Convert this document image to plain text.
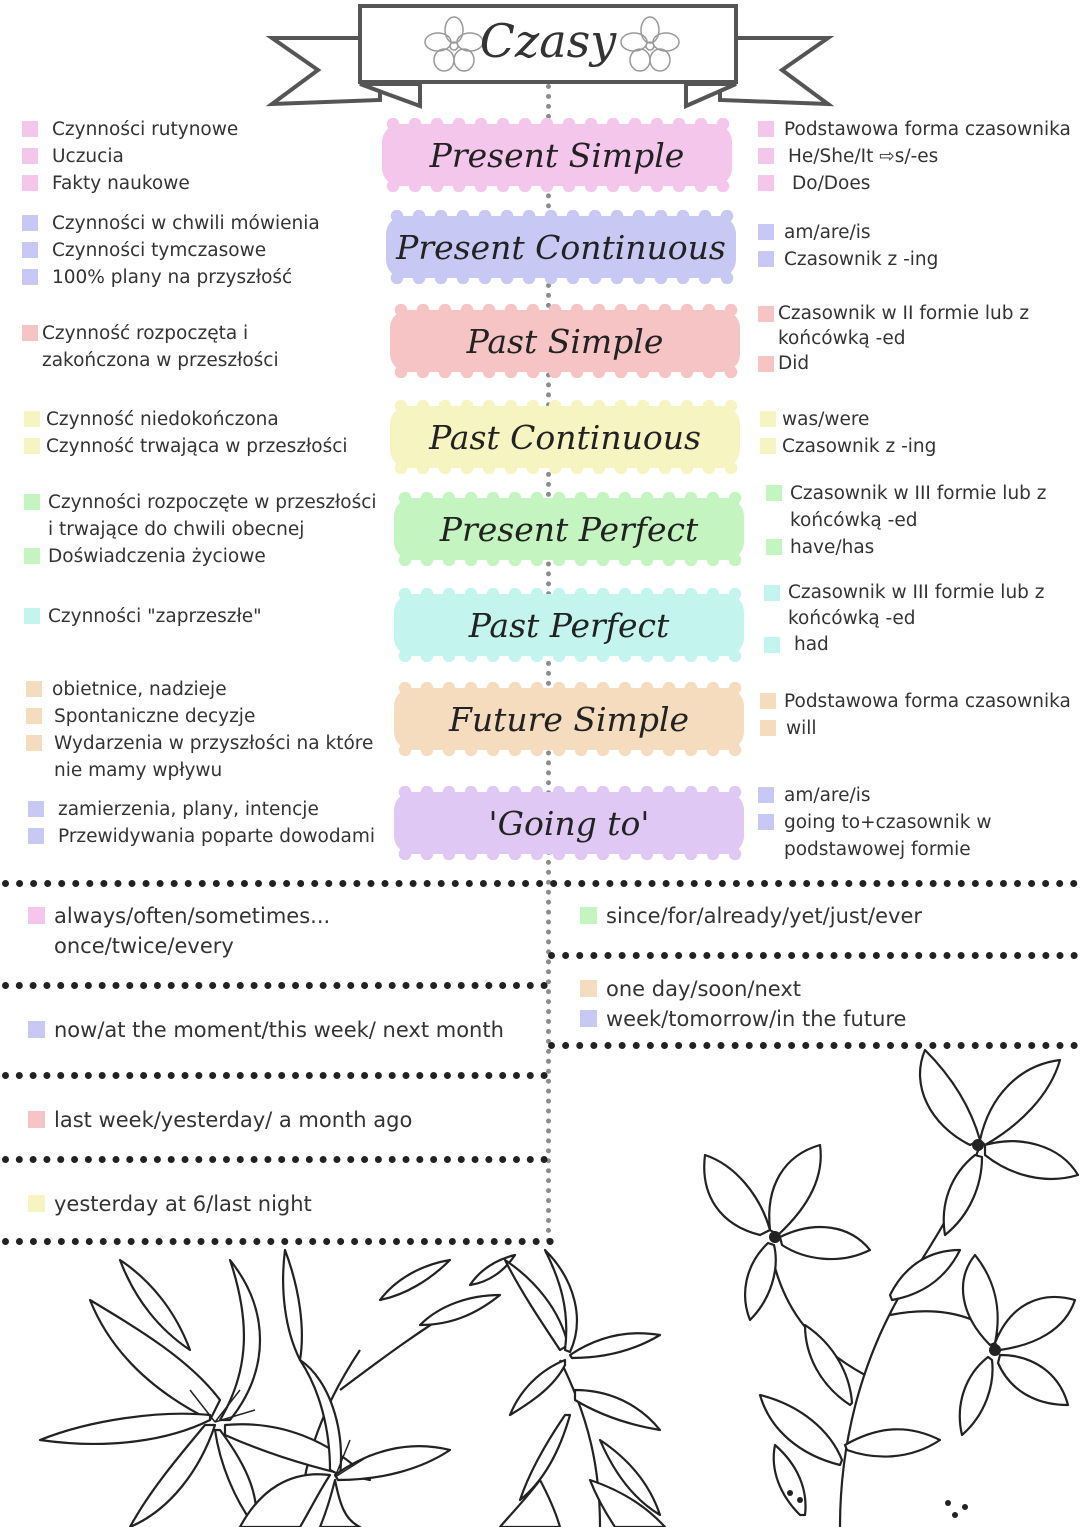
Czasy
Present Simple
Present Continuous
Past Simple
Past Continuous
Present Perfect
Past Perfect
Future Simple
'Going to'
Czynności rutynowe
Uczucia
Fakty naukowe
Czynności w chwili mówienia
Czynności tymczasowe
100% plany na przyszłość
Czynność rozpoczęta i
zakończona w przeszłości
Czynność niedokończona
Czynność trwająca w przeszłości
Czynności rozpoczęte w przeszłości
i trwające do chwili obecnej
Doświadczenia życiowe
Czynności "zaprzeszłe"
obietnice, nadzieje
Spontaniczne decyzje
Wydarzenia w przyszłości na które
nie mamy wpływu
zamierzenia, plany, intencje
Przewidywania poparte dowodami
Podstawowa forma czasownika
He/She/It ⇨s/-es
Do/Does
am/are/is
Czasownik z -ing
Czasownik w II formie lub z
końcówką -ed
Did
was/were
Czasownik z -ing
Czasownik w III formie lub z
końcówką -ed
have/has
Czasownik w III formie lub z
końcówką -ed
had
Podstawowa forma czasownika
will
am/are/is
going to+czasownik w
podstawowej formie
always/often/sometimes...
once/twice/every
now/at the moment/this week/ next month
last week/yesterday/ a month ago
yesterday at 6/last night
since/for/already/yet/just/ever
one day/soon/next
week/tomorrow/in the future
